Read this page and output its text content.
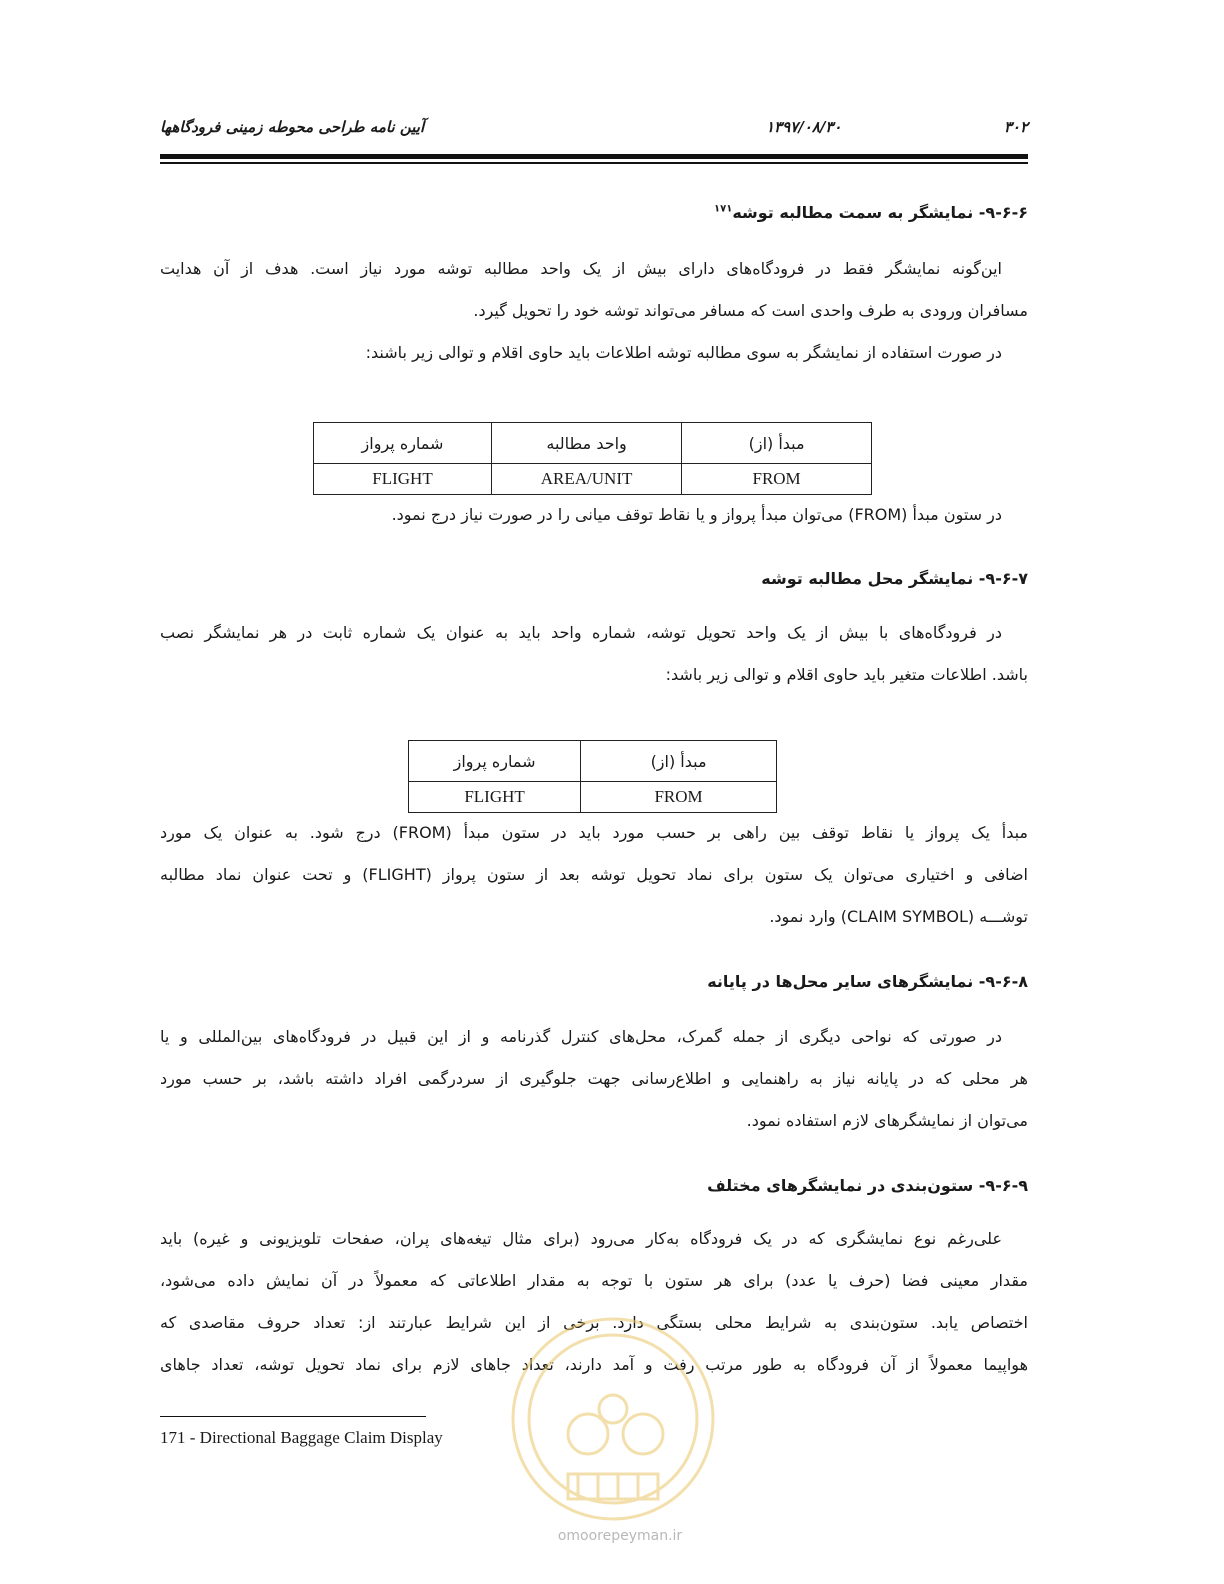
۳۰۲
۱۳۹۷/۰۸/۳۰
آیین نامه طراحی محوطه زمینی فرودگاهها
۹-۶-۶- نمایشگر به سمت مطالبه توشه$^{۱۷۱}$
این‌گونه نمایشگر فقط در فرودگاه‌های دارای بیش از یک واحد مطالبه توشه مورد نیاز است. هدف از آن هدایت
مسافران ورودی به طرف واحدی است که مسافر می‌تواند توشه خود را تحویل گیرد.
در صورت استفاده از نمایشگر به سوی مطالبه توشه اطلاعات باید حاوی اقلام و توالی زیر باشند:
شماره پرواز	واحد مطالبه	مبدأ (از)
FLIGHT	AREA/UNIT	FROM
در ستون مبدأ (FROM) می‌توان مبدأ پرواز و یا نقاط توقف میانی را در صورت نیاز درج نمود.
۹-۶-۷- نمایشگر محل مطالبه توشه
در فرودگاه‌های با بیش از یک واحد تحویل توشه، شماره واحد باید به عنوان یک شماره ثابت در هر نمایشگر نصب
باشد. اطلاعات متغیر باید حاوی اقلام و توالی زیر باشد:
شماره پرواز	مبدأ (از)
FLIGHT	FROM
مبدأ یک پرواز یا نقاط توقف بین راهی بر حسب مورد باید در ستون مبدأ (FROM) درج شود. به عنوان یک مورد
اضافی و اختیاری می‌توان یک ستون برای نماد تحویل توشه بعد از ستون پرواز (FLIGHT) و تحت عنوان نماد مطالبه
توشـــه (CLAIM SYMBOL) وارد نمود.
۹-۶-۸- نمایشگرهای سایر محل‌ها در پایانه
در صورتی که نواحی دیگری از جمله گمرک، محل‌های کنترل گذرنامه و از این قبیل در فرودگاه‌های بین‌المللی و یا
هر محلی که در پایانه نیاز به راهنمایی و اطلاع‌رسانی جهت جلوگیری از سردرگمی افراد داشته باشد، بر حسب مورد
می‌توان از نمایشگرهای لازم استفاده نمود.
۹-۶-۹- ستون‌بندی در نمایشگرهای مختلف
علی‌رغم نوع نمایشگری که در یک فرودگاه به‌کار می‌رود (برای مثال تیغه‌های پران، صفحات تلویزیونی و غیره) باید
مقدار معینی فضا (حرف یا عدد) برای هر ستون با توجه به مقدار اطلاعاتی که معمولاً در آن نمایش داده می‌شود،
اختصاص یابد. ستون‌بندی به شرایط محلی بستگی دارد. برخی از این شرایط عبارتند از: تعداد حروف مقاصدی که
هواپیما معمولاً از آن فرودگاه به طور مرتب رفت و آمد دارند، تعداد جاهای لازم برای نماد تحویل توشه، تعداد جاهای
171 - Directional Baggage Claim Display
omoorepeyman.ir
